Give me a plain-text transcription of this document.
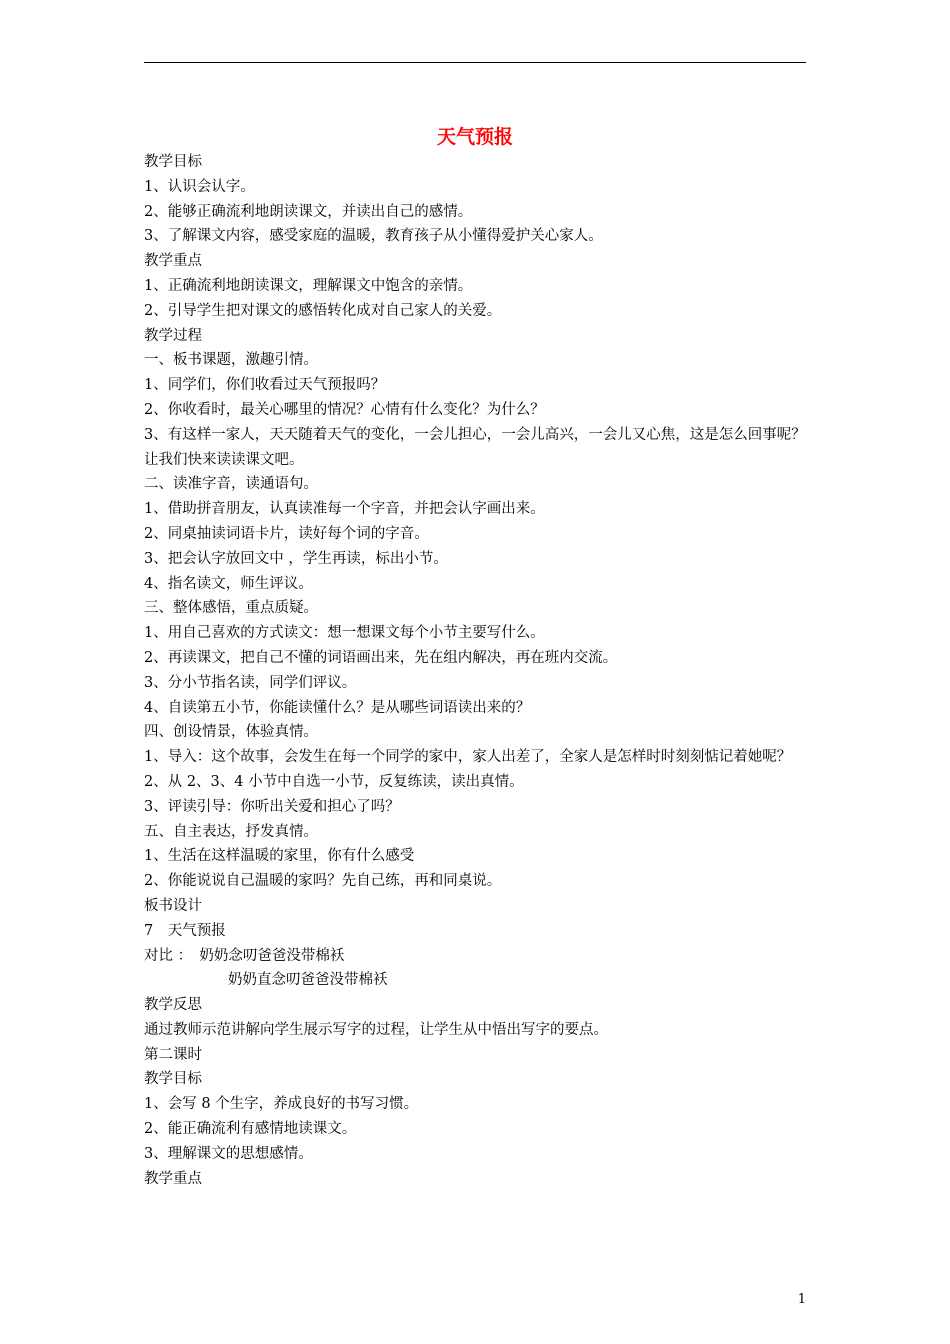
天气预报
教学目标
1、认识会认字。
2、能够正确流利地朗读课文，并读出自己的感情。
3、了解课文内容，感受家庭的温暖，教育孩子从小懂得爱护关心家人。
教学重点
1、正确流利地朗读课文，理解课文中饱含的亲情。
2、引导学生把对课文的感悟转化成对自己家人的关爱。
教学过程
一、板书课题，激趣引情。
1、同学们，你们收看过天气预报吗？
2、你收看时，最关心哪里的情况？心情有什么变化？为什么？
3、有这样一家人，天天随着天气的变化，一会儿担心，一会儿高兴，一会儿又心焦，这是怎么回事呢？让我们快来读读课文吧。
二、读准字音，读通语句。
1、借助拼音朋友，认真读准每一个字音，并把会认字画出来。
2、同桌抽读词语卡片，读好每个词的字音。
3、把会认字放回文中 ，学生再读，标出小节。
4、指名读文，师生评议。
三、整体感悟，重点质疑。
1、用自己喜欢的方式读文：想一想课文每个小节主要写什么。
2、再读课文，把自己不懂的词语画出来，先在组内解决，再在班内交流。
3、分小节指名读，同学们评议。
4、自读第五小节，你能读懂什么？是从哪些词语读出来的？
四、创设情景，体验真情。
1、导入：这个故事，会发生在每一个同学的家中，家人出差了，全家人是怎样时时刻刻惦记着她呢？
2、从 2、3、4 小节中自选一小节，反复练读，读出真情。
3、评读引导：你听出关爱和担心了吗？
五、自主表达，抒发真情。
1、生活在这样温暖的家里，你有什么感受
2、你能说说自己温暖的家吗？先自己练，再和同桌说。
板书设计
7　天气预报
对比 ：　奶奶念叨爸爸没带棉袄
奶奶直念叨爸爸没带棉袄
教学反思
通过教师示范讲解向学生展示写字的过程，让学生从中悟出写字的要点。
第二课时
教学目标
1、会写 8 个生字，养成良好的书写习惯。
2、能正确流利有感情地读课文。
3、理解课文的思想感情。
教学重点
1
